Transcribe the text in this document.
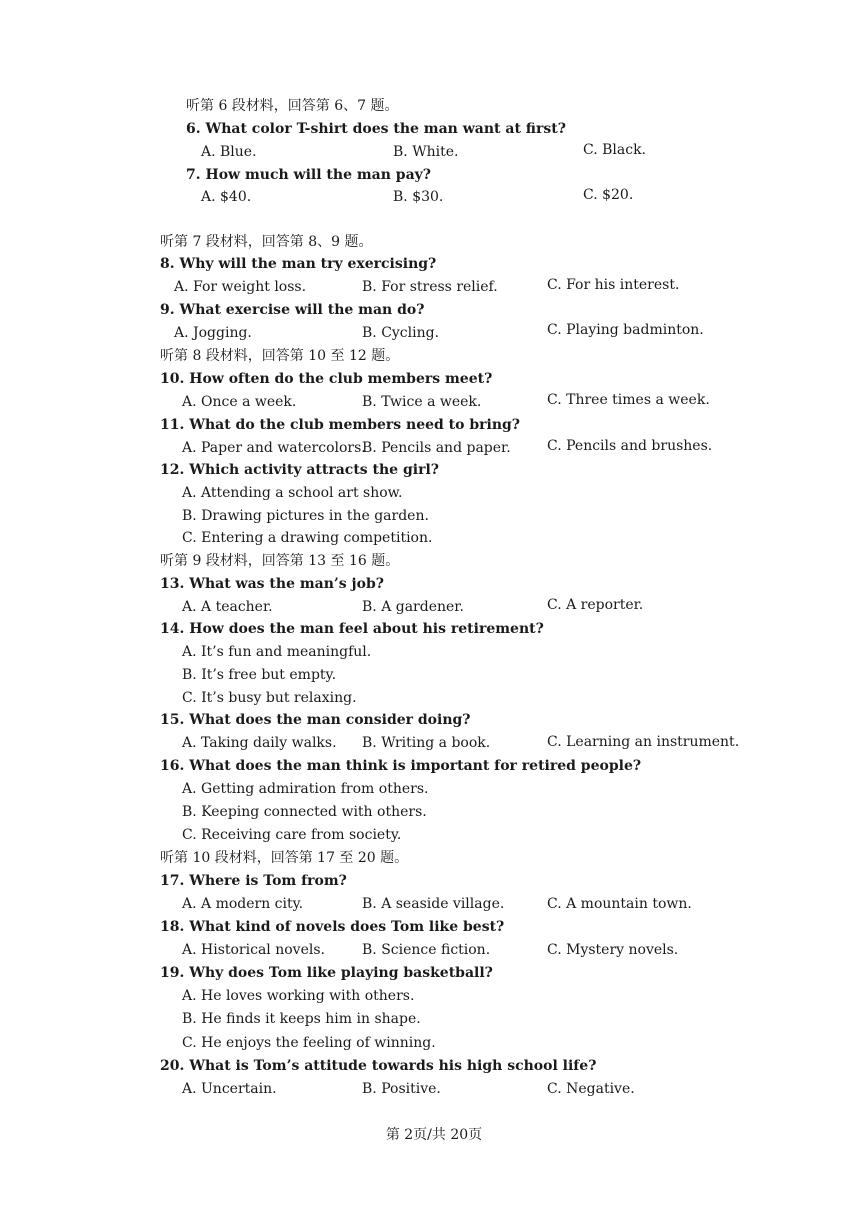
听第 6 段材料，回答第 6、7 题。
6. What color T-shirt does the man want at first?
A. Blue.	B. White.	C. Black.
7. How much will the man pay?
A. $40.	B. $30.	C. $20.
听第 7 段材料，回答第 8、9 题。
8. Why will the man try exercising?
A. For weight loss.	B. For stress relief.	C. For his interest.
9. What exercise will the man do?
A. Jogging.	B. Cycling.	C. Playing badminton.
听第 8 段材料，回答第 10 至 12 题。
10. How often do the club members meet?
A. Once a week.	B. Twice a week.	C. Three times a week.
11. What do the club members need to bring?
A. Paper and watercolors.
B. Pencils and paper.	C. Pencils and brushes.
12. Which activity attracts the girl?
A. Attending a school art show.
B. Drawing pictures in the garden.
C. Entering a drawing competition.
听第 9 段材料，回答第 13 至 16 题。
13. What was the man’s job?
A. A teacher.	B. A gardener.	C. A reporter.
14. How does the man feel about his retirement?
A. It’s fun and meaningful.
B. It’s free but empty.
C. It’s busy but relaxing.
15. What does the man consider doing?
A. Taking daily walks. B. Writing a book.	C. Learning an instrument.
16. What does the man think is important for retired people?
A. Getting admiration from others.
B. Keeping connected with others.
C. Receiving care from society.
听第 10 段材料，回答第 17 至 20 题。
17. Where is Tom from?
A. A modern city.	B. A seaside village.	C. A mountain town.
18. What kind of novels does Tom like best?
A. Historical novels.	B. Science fiction.	C. Mystery novels.
19. Why does Tom like playing basketball?
A. He loves working with others.
B. He finds it keeps him in shape.
C. He enjoys the feeling of winning.
20. What is Tom’s attitude towards his high school life?
A. Uncertain.	B. Positive.	C. Negative.
第 2页/共 20页
